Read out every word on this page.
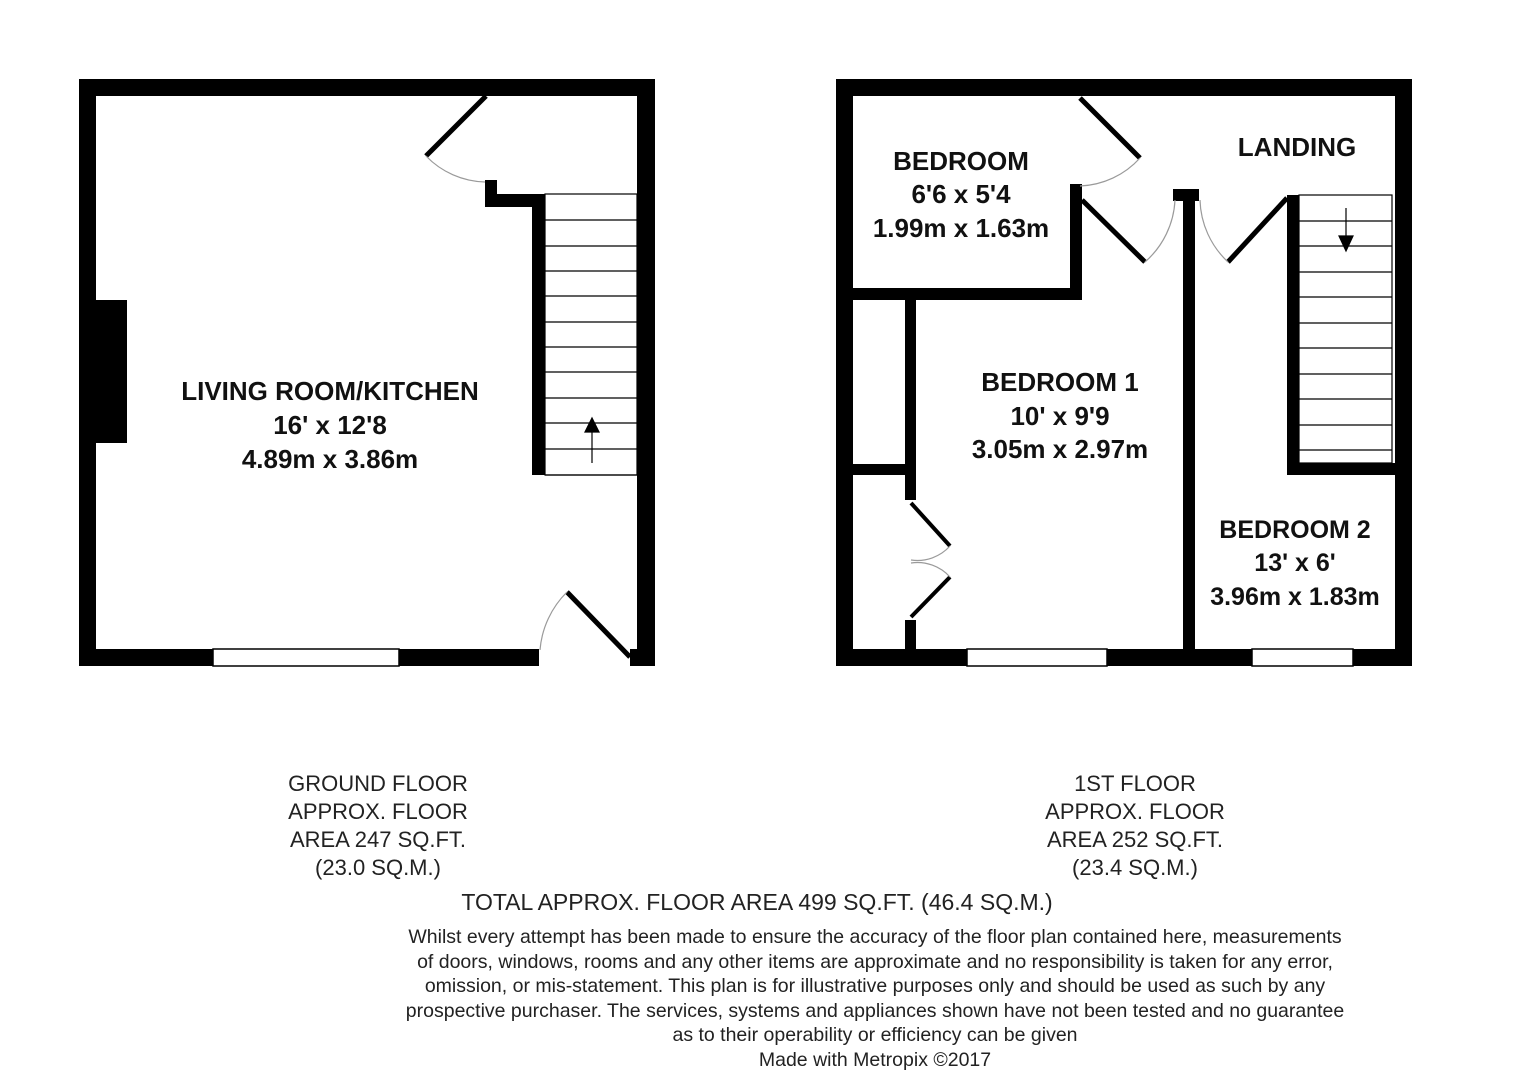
LIVING ROOM/KITCHEN
16' x 12'8
4.89m x 3.86m
BEDROOM
6'6 x 5'4
1.99m x 1.63m
LANDING
BEDROOM 1
10' x 9'9
3.05m x 2.97m
BEDROOM 2
13' x 6'
3.96m x 1.83m
GROUND FLOOR
APPROX. FLOOR
AREA 247 SQ.FT.
(23.0 SQ.M.)
1ST FLOOR
APPROX. FLOOR
AREA 252 SQ.FT.
(23.4 SQ.M.)
TOTAL APPROX. FLOOR AREA 499 SQ.FT. (46.4 SQ.M.)
Whilst every attempt has been made to ensure the accuracy of the floor plan contained here, measurements
of doors, windows, rooms and any other items are approximate and no responsibility is taken for any error,
omission, or mis-statement. This plan is for illustrative purposes only and should be used as such by any
prospective purchaser. The services, systems and appliances shown have not been tested and no guarantee
as to their operability or efficiency can be given
Made with Metropix ©2017
